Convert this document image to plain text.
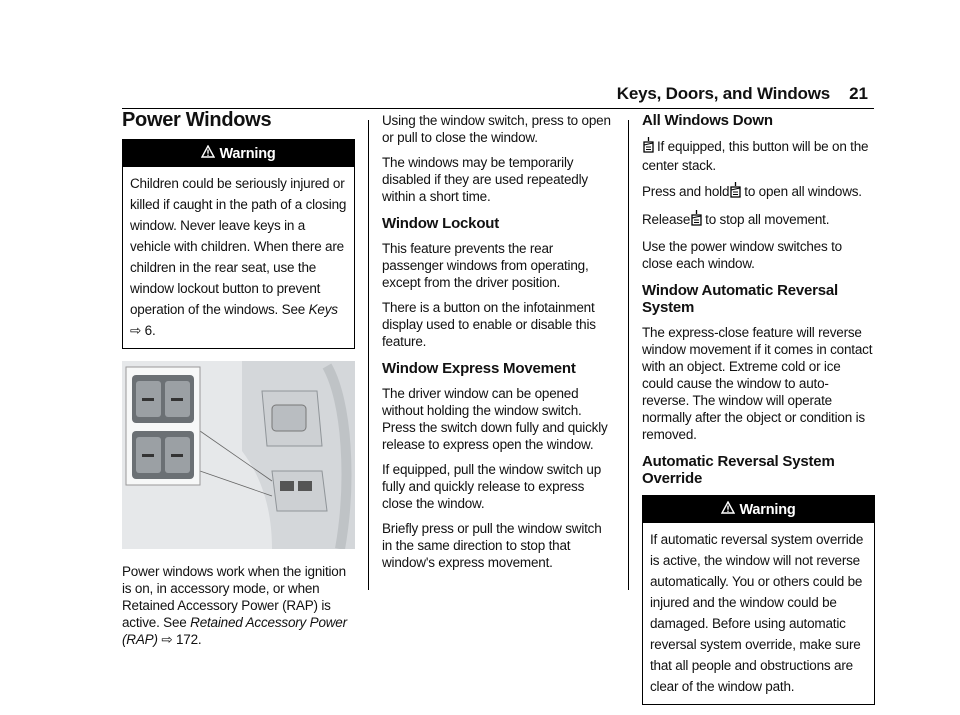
Keys, Doors, and Windows 21
Power Windows
Warning
Children could be seriously injured or killed if caught in the path of a closing window. Never leave keys in a vehicle with children. When there are children in the rear seat, use the window lockout button to prevent operation of the windows. See Keys ⇨ 6.

Power windows work when the ignition is on, in accessory mode, or when Retained Accessory Power (RAP) is active. See Retained Accessory Power (RAP) ⇨ 172.

Using the window switch, press to open or pull to close the window.

The windows may be temporarily disabled if they are used repeatedly within a short time.

Window Lockout

This feature prevents the rear passenger windows from operating, except from the driver position.

There is a button on the infotainment display used to enable or disable this feature.

Window Express Movement

The driver window can be opened without holding the window switch. Press the switch down fully and quickly release to express open the window.

If equipped, pull the window switch up fully and quickly release to express close the window.

Briefly press or pull the window switch in the same direction to stop that window's express movement.

All Windows Down

If equipped, this button will be on the center stack.

Press and hold to open all windows.

Release to stop all movement.

Use the power window switches to close each window.

Window Automatic Reversal System

The express-close feature will reverse window movement if it comes in contact with an object. Extreme cold or ice could cause the window to auto-reverse. The window will operate normally after the object or condition is removed.

Automatic Reversal System Override
Warning
If automatic reversal system override is active, the window will not reverse automatically. You or others could be injured and the window could be damaged. Before using automatic reversal system override, make sure that all people and obstructions are clear of the window path.
